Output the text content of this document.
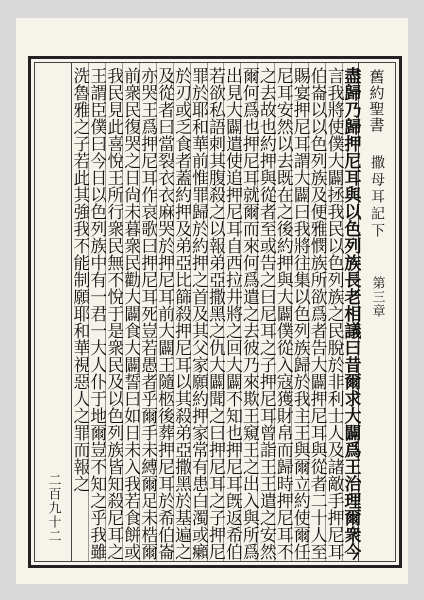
舊約聖書
撒母耳記下
第三章
二百九十二
盡歸乃歸押尼耳與以色列族長老相議曰昔爾求大闢爲王治理爾衆今
言我將使僕大闢拯我民以色列族之民脫於非利士人及諸敵手押尼耳
伯崙以以色列族及便雅憫族所欲爲者告大闢押尼耳與從者二十人至
賜宴押尼耳謂大闢曰我將往集以色列族歸於我主王與爾立約使爾任
尼耳安然以去既在之後約押與大闢僕從入寇獲財帛而歸時押尼耳不
之去故也約押與從者至或告之曰尼耳之子押尼耳曾詣王王遣之安然
爾何爲也押尼耳就爾而來何爲遣之去彼乃來欺王窺王之出入與所爲
出見大闢遣使追押尼耳自西拉井將之回大闢不知也押尼耳旣返希伯
若欲私語刺其腹殺之以報弟亞撒黑之仇大闢聞之曰押尼耳之子押尼
罪於耶和華前惟罪歸於約押之首及其父家願約押家常有患白濁或癩
於刃或乏食者蓋約押及弟亞比篩殺押尼耳以其殺弟亞撒黑於基遍之
及從者曰當裂衣衣麻哭於押尼耳前大闢王隨柩後葬押尼耳於希伯崙
亦哭王爲押尼耳作哀歌曰押尼耳死豈若愚者乎爾手未縛爾足未梏爾
前衆民復哭之日尙未暮衆民勸大闢食大闢誓曰如日未入我若食餅或
我民見此喜悅王所行衆民無不悅于是衆民及以色列族皆知殺尼耳之
王謂臣僕曰今日以色列族中有一君一大人仆于地爾豈不知之乎我雖
洗魯雅之子若此其強我不能制願耶和華視惡人之罪而報之
